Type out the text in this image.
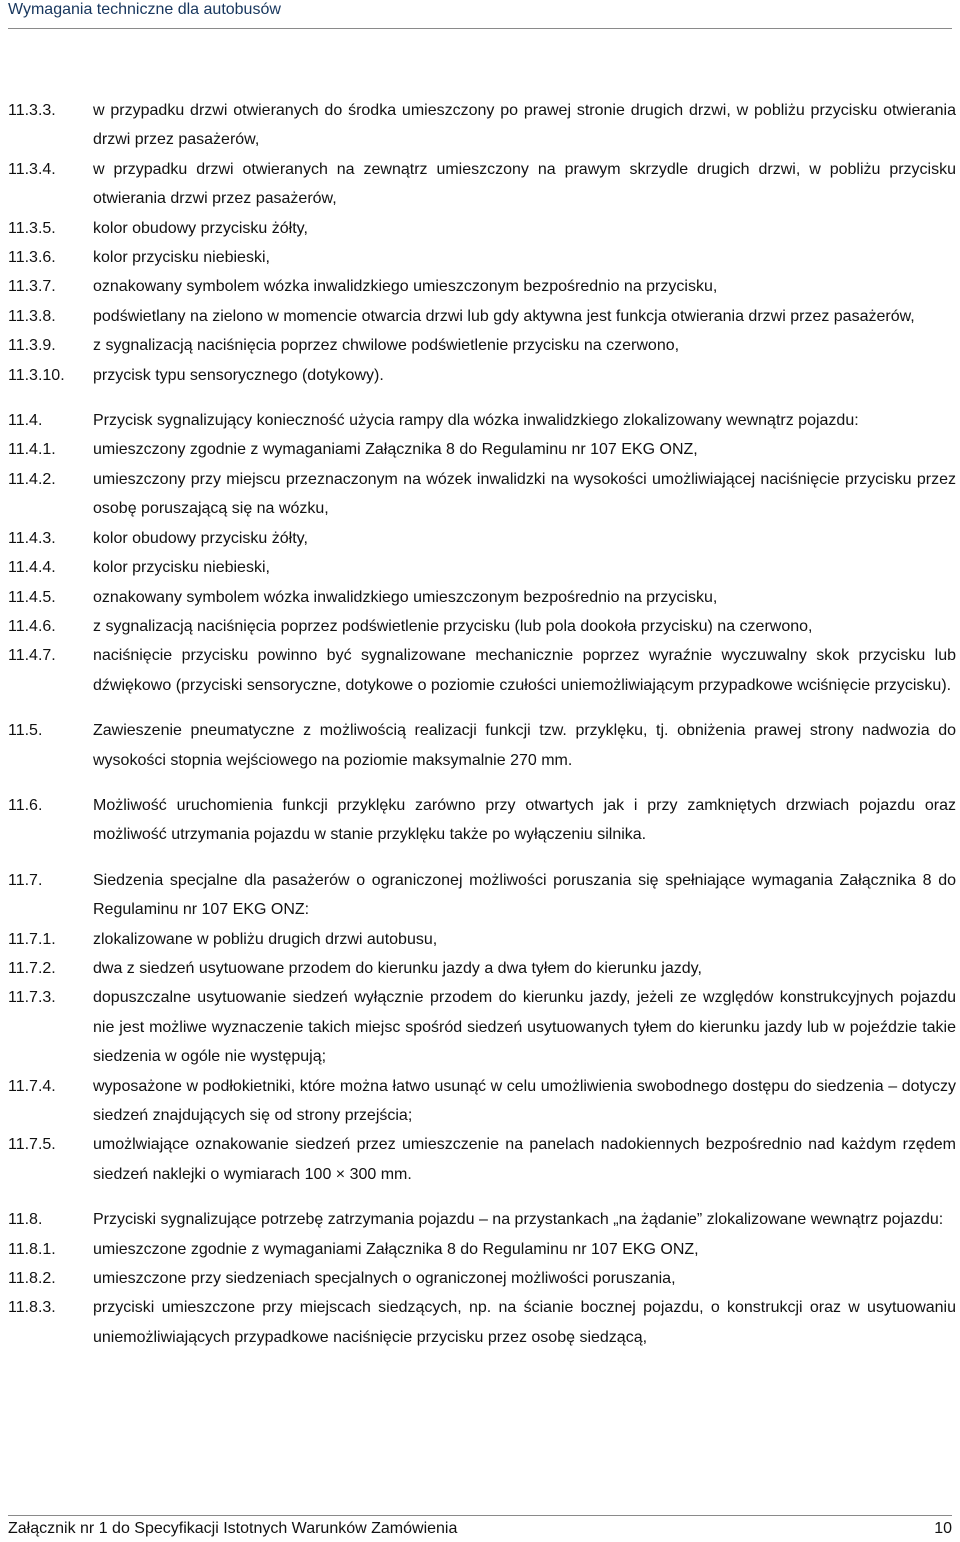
Wymagania techniczne dla autobusów
11.3.3.	w przypadku drzwi otwieranych do środka umieszczony po prawej stronie drugich drzwi, w pobliżu przycisku otwierania drzwi przez pasażerów,
11.3.4.	w przypadku drzwi otwieranych na zewnątrz umieszczony na prawym skrzydle drugich drzwi, w pobliżu przycisku otwierania drzwi przez pasażerów,
11.3.5.	kolor obudowy przycisku żółty,
11.3.6.	kolor przycisku niebieski,
11.3.7.	oznakowany symbolem wózka inwalidzkiego umieszczonym bezpośrednio na przycisku,
11.3.8.	podświetlany na zielono w momencie otwarcia drzwi lub gdy aktywna jest funkcja otwierania drzwi przez pasażerów,
11.3.9.	z sygnalizacją naciśnięcia poprzez chwilowe podświetlenie przycisku na czerwono,
11.3.10.	przycisk typu sensorycznego (dotykowy).
11.4.	Przycisk sygnalizujący konieczność użycia rampy dla wózka inwalidzkiego zlokalizowany wewnątrz pojazdu:
11.4.1.	umieszczony zgodnie z wymaganiami Załącznika 8 do Regulaminu nr 107 EKG ONZ,
11.4.2.	umieszczony przy miejscu przeznaczonym na wózek inwalidzki na wysokości umożliwiającej naciśnięcie przycisku przez osobę poruszającą się na wózku,
11.4.3.	kolor obudowy przycisku żółty,
11.4.4.	kolor przycisku niebieski,
11.4.5.	oznakowany symbolem wózka inwalidzkiego umieszczonym bezpośrednio na przycisku,
11.4.6.	z sygnalizacją naciśnięcia poprzez podświetlenie przycisku (lub pola dookoła przycisku) na czerwono,
11.4.7.	naciśnięcie przycisku powinno być sygnalizowane mechanicznie poprzez wyraźnie wyczuwalny skok przycisku lub dźwiękowo (przyciski sensoryczne, dotykowe o poziomie czułości uniemożliwiającym przypadkowe wciśnięcie przycisku).
11.5.	Zawieszenie pneumatyczne z możliwością realizacji funkcji tzw. przyklęku, tj. obniżenia prawej strony nadwozia do wysokości stopnia wejściowego na poziomie maksymalnie 270 mm.
11.6.	Możliwość uruchomienia funkcji przyklęku zarówno przy otwartych jak i przy zamkniętych drzwiach pojazdu oraz możliwość utrzymania pojazdu w stanie przyklęku także po wyłączeniu silnika.
11.7.	Siedzenia specjalne dla pasażerów o ograniczonej możliwości poruszania się spełniające wymagania Załącznika 8 do Regulaminu nr 107 EKG ONZ:
11.7.1.	zlokalizowane w pobliżu drugich drzwi autobusu,
11.7.2.	dwa z siedzeń usytuowane przodem do kierunku jazdy a dwa tyłem do kierunku jazdy,
11.7.3.	dopuszczalne usytuowanie siedzeń wyłącznie przodem do kierunku jazdy, jeżeli ze względów konstrukcyjnych pojazdu nie jest możliwe wyznaczenie takich miejsc spośród siedzeń usytuowanych tyłem do kierunku jazdy lub w pojeździe takie siedzenia w ogóle nie występują;
11.7.4.	wyposażone w podłokietniki, które można łatwo usunąć w celu umożliwienia swobodnego dostępu do siedzenia – dotyczy siedzeń znajdujących się od strony przejścia;
11.7.5.	umożlwiające oznakowanie siedzeń przez umieszczenie na panelach nadokiennych bezpośrednio nad każdym rzędem siedzeń naklejki o wymiarach 100 × 300 mm.
11.8.	Przyciski sygnalizujące potrzebę zatrzymania pojazdu – na przystankach „na żądanie” zlokalizowane wewnątrz pojazdu:
11.8.1.	umieszczone zgodnie z wymaganiami Załącznika 8 do Regulaminu nr 107 EKG ONZ,
11.8.2.	umieszczone przy siedzeniach specjalnych o ograniczonej możliwości poruszania,
11.8.3.	przyciski umieszczone przy miejscach siedzących, np. na ścianie bocznej pojazdu, o konstrukcji oraz w usytuowaniu uniemożliwiających przypadkowe naciśnięcie przycisku przez osobę siedzącą,
Załącznik nr 1 do Specyfikacji Istotnych Warunków Zamówienia	10
